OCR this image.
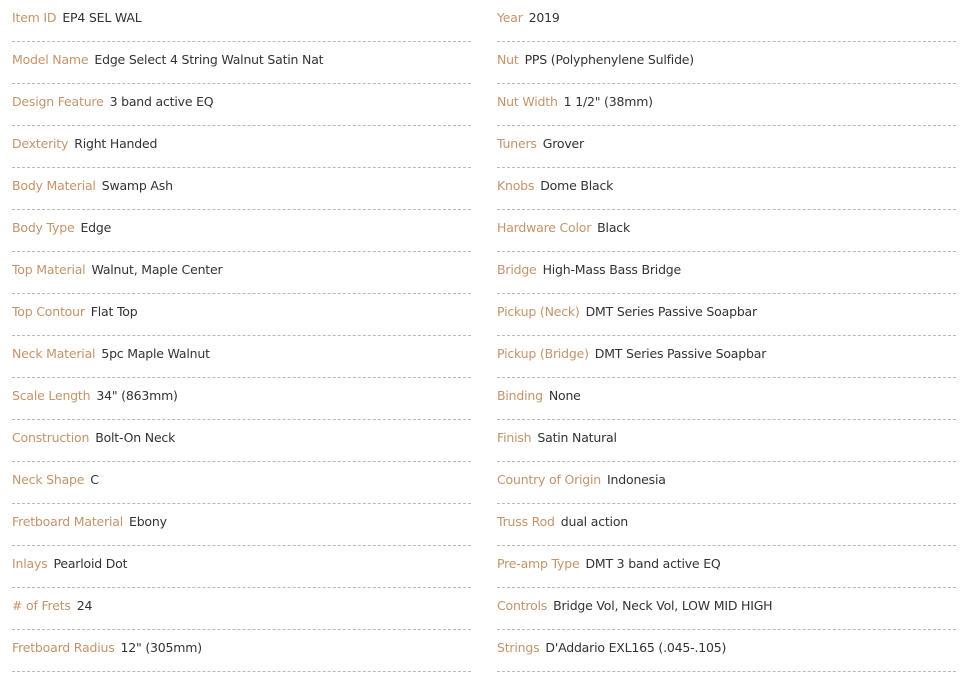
Item ID EP4 SEL WAL
Model Name Edge Select 4 String Walnut Satin Nat
Design Feature 3 band active EQ
Dexterity Right Handed
Body Material Swamp Ash
Body Type Edge
Top Material Walnut, Maple Center
Top Contour Flat Top
Neck Material 5pc Maple Walnut
Scale Length 34" (863mm)
Construction Bolt-On Neck
Neck Shape C
Fretboard Material Ebony
Inlays Pearloid Dot
# of Frets 24
Fretboard Radius 12" (305mm)
Year 2019
Nut PPS (Polyphenylene Sulfide)
Nut Width 1 1/2" (38mm)
Tuners Grover
Knobs Dome Black
Hardware Color Black
Bridge High-Mass Bass Bridge
Pickup (Neck) DMT Series Passive Soapbar
Pickup (Bridge) DMT Series Passive Soapbar
Binding None
Finish Satin Natural
Country of Origin Indonesia
Truss Rod dual action
Pre-amp Type DMT 3 band active EQ
Controls Bridge Vol, Neck Vol, LOW MID HIGH
Strings D'Addario EXL165 (.045-.105)
